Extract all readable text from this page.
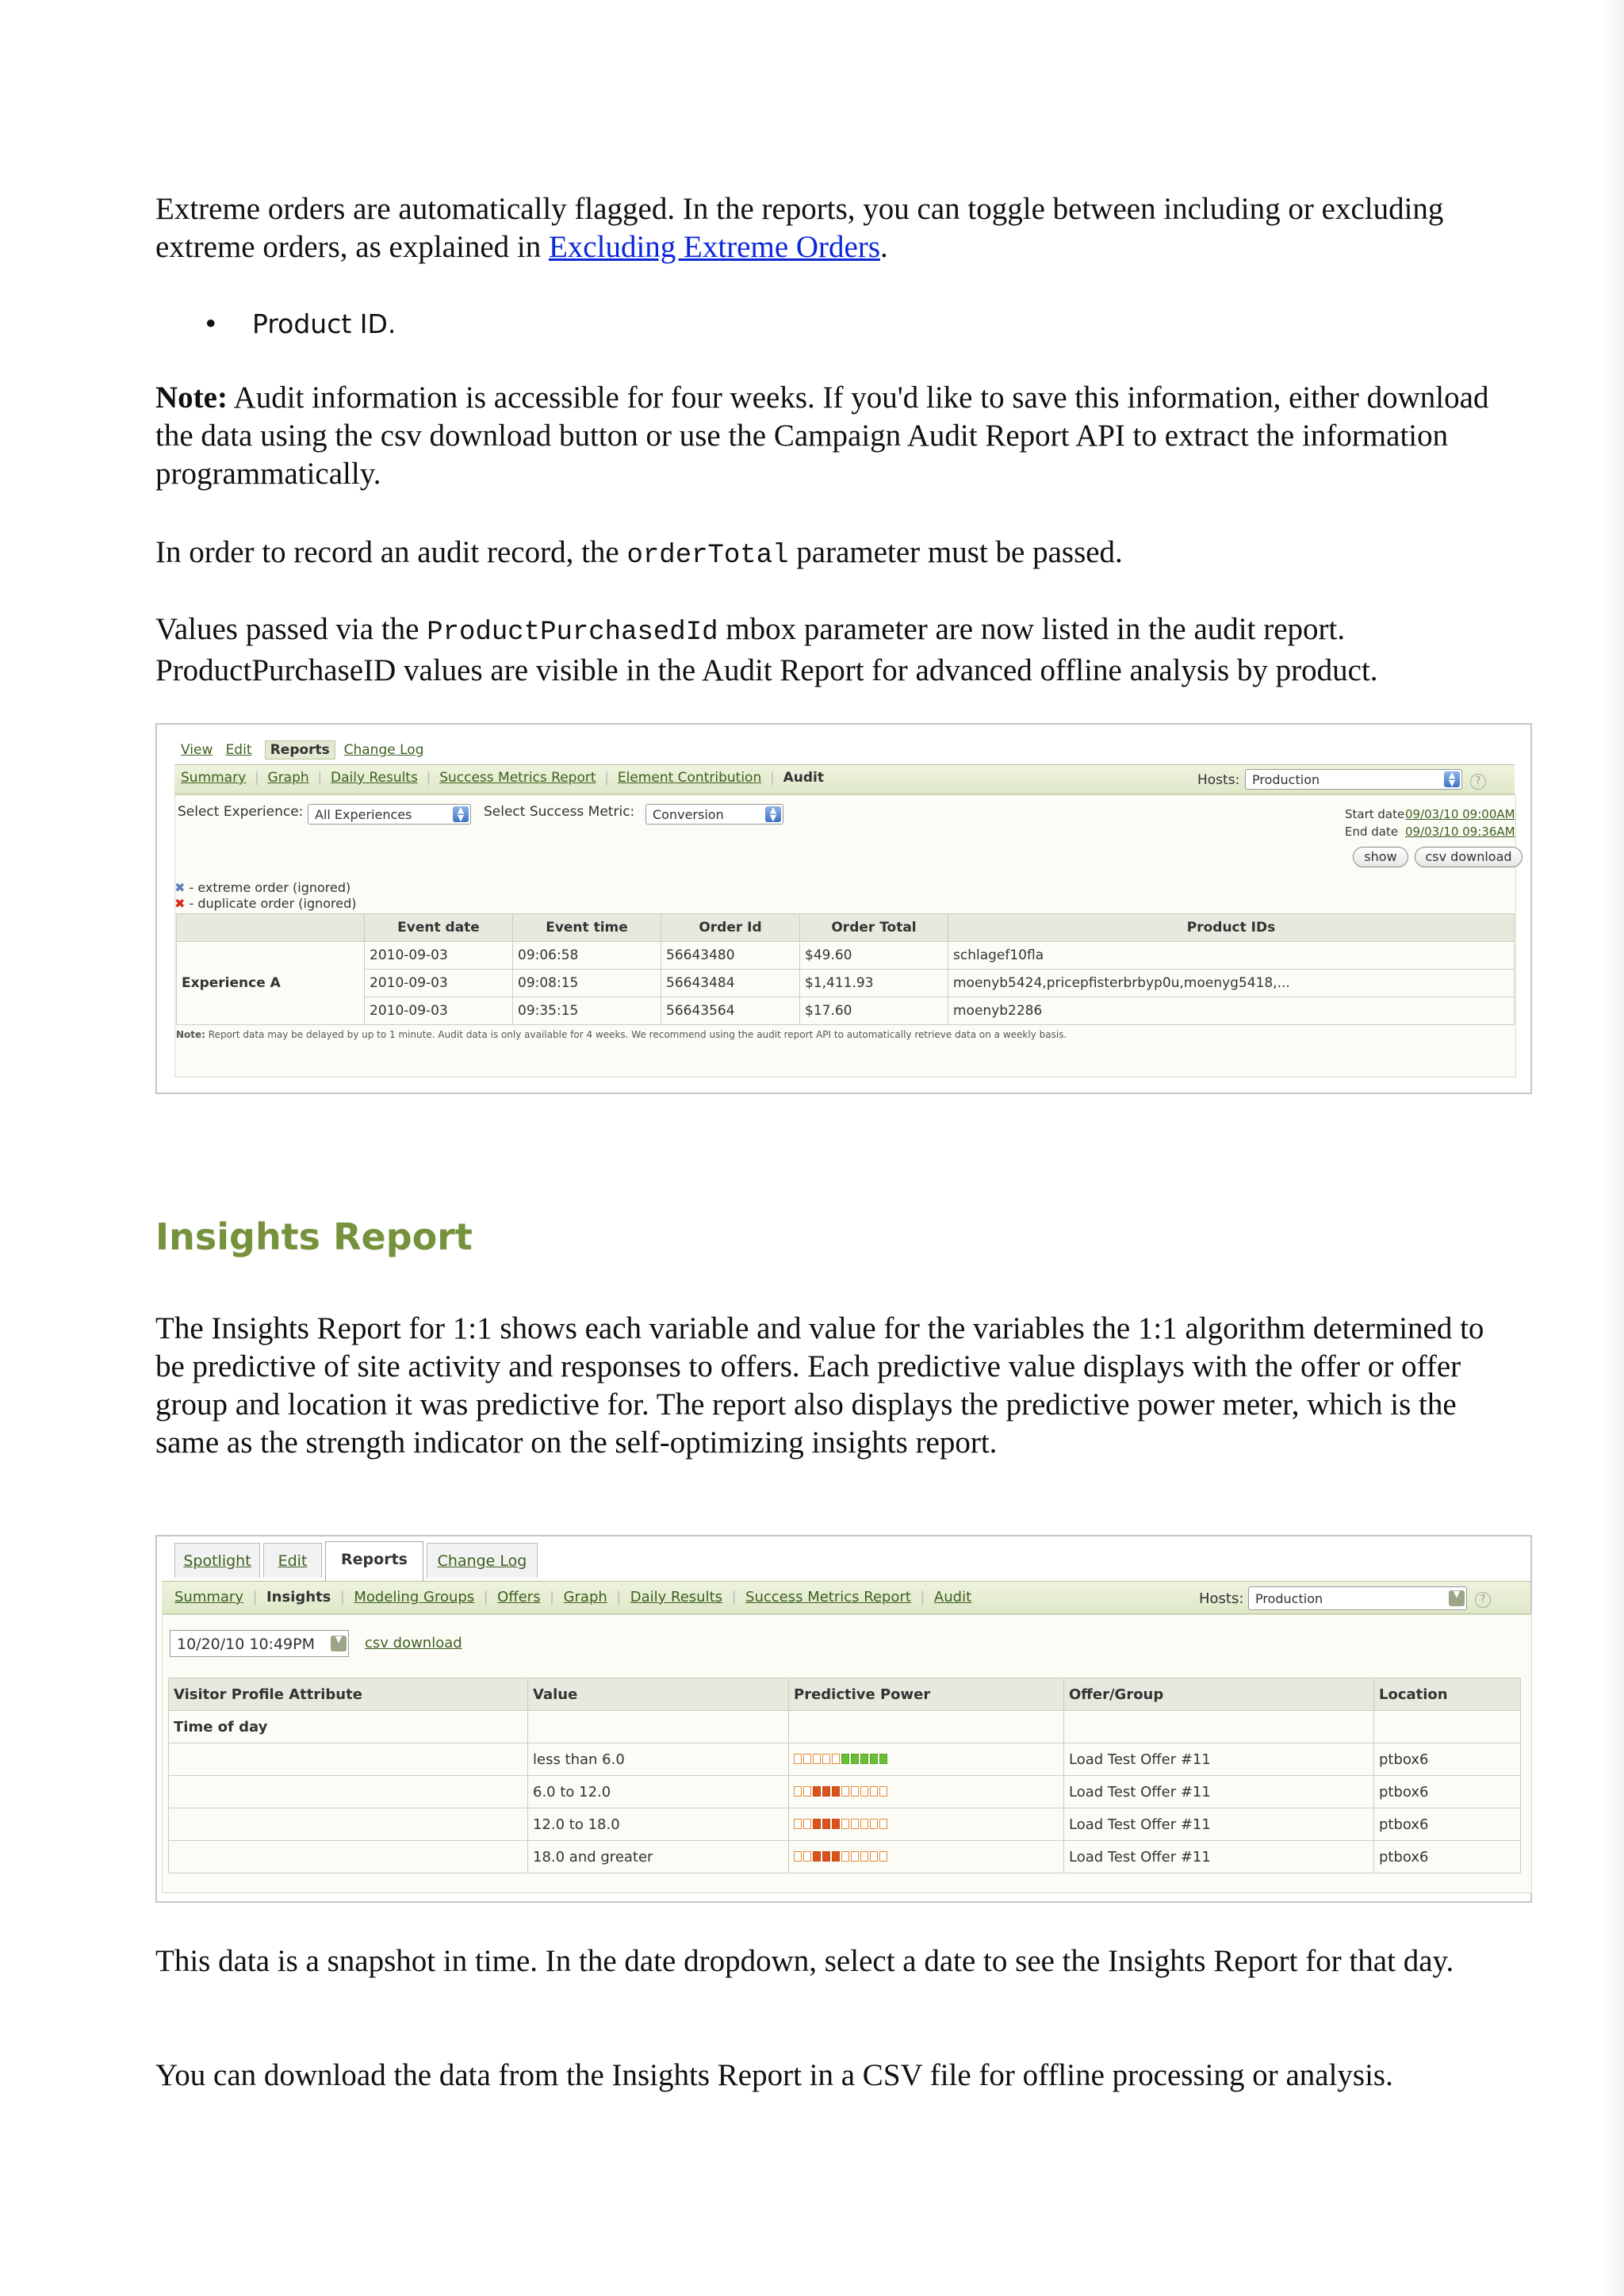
Extreme orders are automatically flagged. In the reports, you can toggle between including or excluding extreme orders, as explained in Excluding Extreme Orders.

• Product ID.

Note: Audit information is accessible for four weeks. If you'd like to save this information, either download the data using the csv download button or use the Campaign Audit Report API to extract the information programmatically.

In order to record an audit record, the orderTotal parameter must be passed.

Values passed via the ProductPurchasedId mbox parameter are now listed in the audit report. ProductPurchaseID values are visible in the Audit Report for advanced offline analysis by product.

View Edit Reports Change Log
Summary  |  Graph  |  Daily Results  |  Success Metrics Report  |  Element Contribution  |  Audit	Hosts: Production	▲
▼	?
Select Experience: All Experiences	▲
▼	Select Success Metric:	Conversion	▲
▼	Start date 09/03/10 09:00AM
End date 09/03/10 09:36AM
show	csv download
✖ - extreme order (ignored)
✖ - duplicate order (ignored)
	Event date	Event time	Order Id	Order Total	Product IDs
Experience A	2010-09-03	09:06:58	56643480	$49.60	schlagef10fla
	2010-09-03	09:08:15	56643484	$1,411.93	moenyb5424,pricepfisterbrbyp0u,moenyg5418,...
	2010-09-03	09:35:15	56643564	$17.60	moenyb2286
Note: Report data may be delayed by up to 1 minute. Audit data is only available for 4 weeks. We recommend using the audit report API to automatically retrieve data on a weekly basis.
Insights Report

The Insights Report for 1:1 shows each variable and value for the variables the 1:1 algorithm determined to be predictive of site activity and responses to offers. Each predictive value displays with the offer or offer group and location it was predictive for. The report also displays the predictive power meter, which is the same as the strength indicator on the self-optimizing insights report.

Spotlight	Edit	Reports	Change Log
Summary  |  Insights  |  Modeling Groups  |  Offers  |  Graph  |  Daily Results  |  Success Metrics Report  |  Audit	Hosts: Production	▼	?
10/20/10 10:49PM	▼	csv download
Visitor Profile Attribute	Value	Predictive Power	Offer/Group	Location
Time of day				
	less than 6.0		Load Test Offer #11	ptbox6
	6.0 to 12.0		Load Test Offer #11	ptbox6
	12.0 to 18.0		Load Test Offer #11	ptbox6
	18.0 and greater		Load Test Offer #11	ptbox6

This data is a snapshot in time. In the date dropdown, select a date to see the Insights Report for that day.

You can download the data from the Insights Report in a CSV file for offline processing or analysis.
